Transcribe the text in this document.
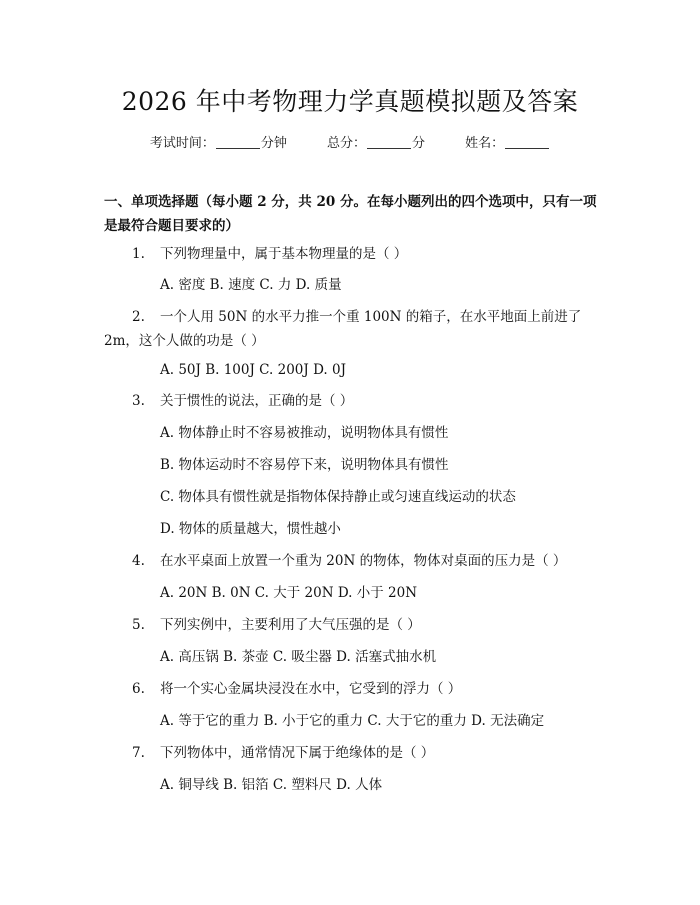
2026 年中考物理力学真题模拟题及答案
考试时间：	分钟	总分：	分	姓名：
一、单项选择题（每小题 2 分，共 20 分。在每小题列出的四个选项中，只有一项是最符合题目要求的）
1. 下列物理量中，属于基本物理量的是（ ）
A. 密度 B. 速度 C. 力 D. 质量
2. 一个人用 50N 的水平力推一个重 100N 的箱子，在水平地面上前进了 2m，这个人做的功是（ ）
A. 50J B. 100J C. 200J D. 0J
3. 关于惯性的说法，正确的是（ ）
A. 物体静止时不容易被推动，说明物体具有惯性
B. 物体运动时不容易停下来，说明物体具有惯性
C. 物体具有惯性就是指物体保持静止或匀速直线运动的状态
D. 物体的质量越大，惯性越小
4. 在水平桌面上放置一个重为 20N 的物体，物体对桌面的压力是（ ）
A. 20N B. 0N C. 大于 20N D. 小于 20N
5. 下列实例中，主要利用了大气压强的是（ ）
A. 高压锅 B. 茶壶 C. 吸尘器 D. 活塞式抽水机
6. 将一个实心金属块浸没在水中，它受到的浮力（ ）
A. 等于它的重力 B. 小于它的重力 C. 大于它的重力 D. 无法确定
7. 下列物体中，通常情况下属于绝缘体的是（ ）
A. 铜导线 B. 铝箔 C. 塑料尺 D. 人体
